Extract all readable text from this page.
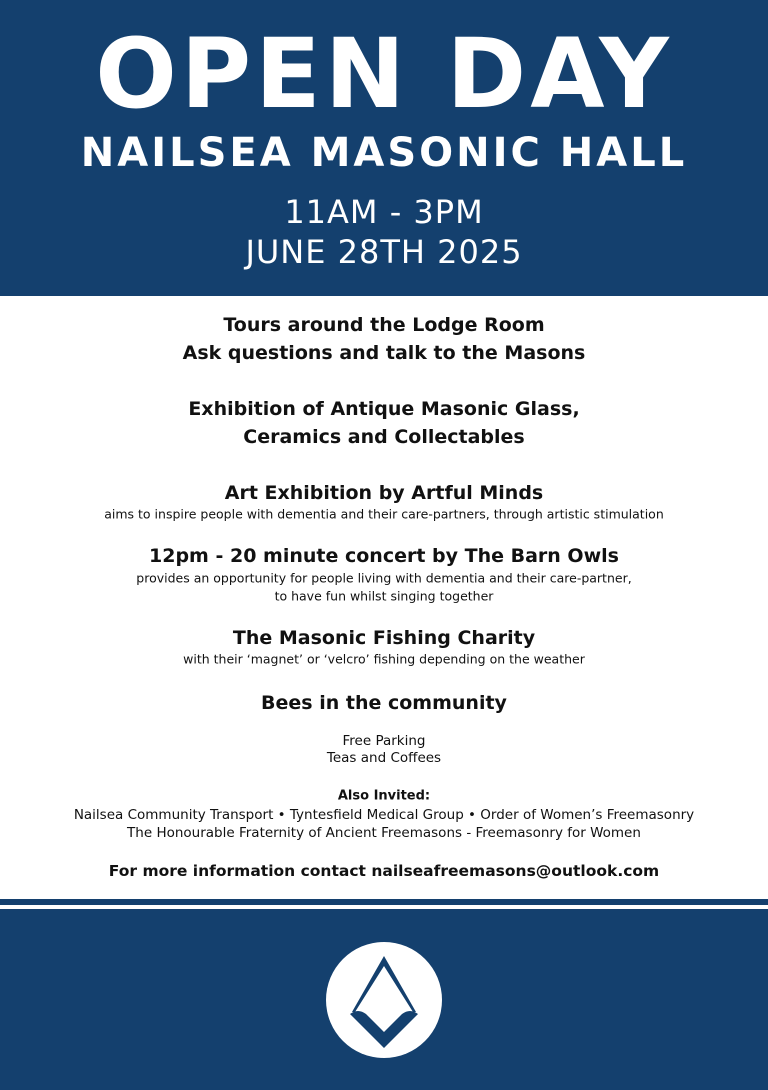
OPEN DAY
NAILSEA MASONIC HALL
11AM - 3PM
JUNE 28TH 2025
Tours around the Lodge Room
Ask questions and talk to the Masons
Exhibition of Antique Masonic Glass,
Ceramics and Collectables
Art Exhibition by Artful Minds
aims to inspire people with dementia and their care-partners, through artistic stimulation
12pm - 20 minute concert by The Barn Owls
provides an opportunity for people living with dementia and their care-partner,
to have fun whilst singing together
The Masonic Fishing Charity
with their ‘magnet’ or ‘velcro’ fishing depending on the weather
Bees in the community
Free Parking
Teas and Coffees
Also Invited:
Nailsea Community Transport • Tyntesfield Medical Group • Order of Women’s Freemasonry
The Honourable Fraternity of Ancient Freemasons - Freemasonry for Women
For more information contact nailseafreemasons@outlook.com
